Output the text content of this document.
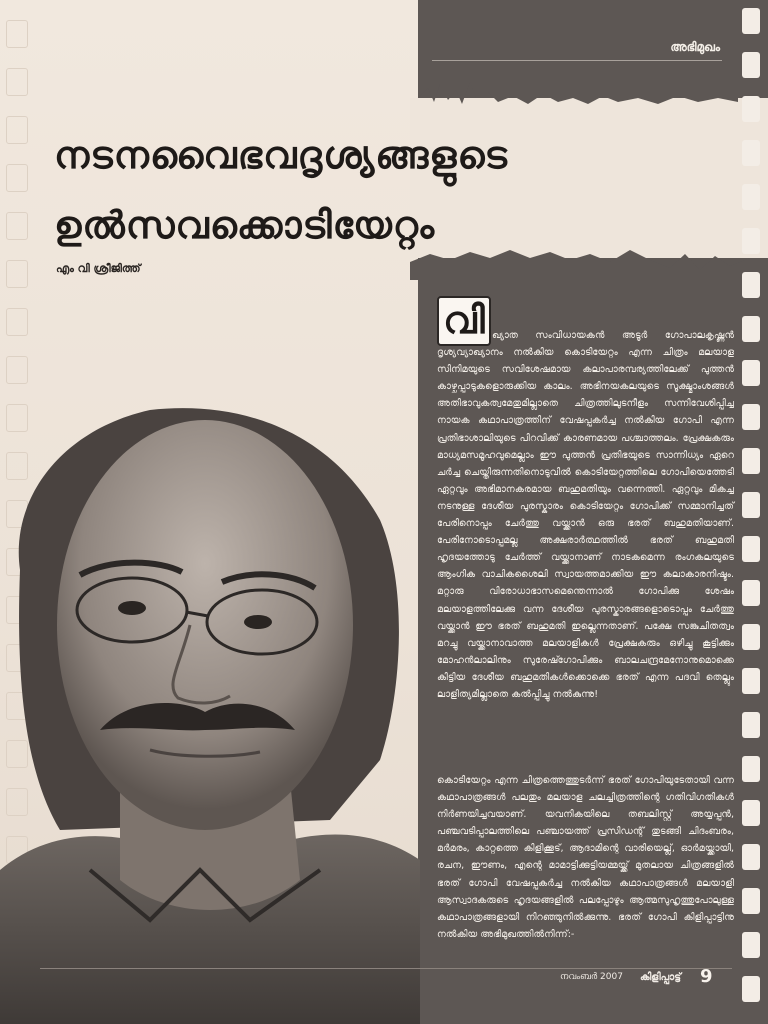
അഭിമുഖം
നടനവൈഭവദൃശ്യങ്ങളുടെ
ഉൽസവക്കൊടിയേറ്റം
എം വി ശ്രീജിത്ത്
വി ഖ്യാത സംവിധായകൻ അടൂർ ഗോപാലകൃഷ്ണൻ ദൃശ്യവ്യാഖ്യാനം നൽകിയ കൊടിയേറ്റം എന്ന ചിത്രം മലയാള സിനിമയുടെ സവിശേഷമായ കലാപാരമ്പര്യത്തിലേക്ക് പുത്തൻ കാഴ്ചപ്പാടുകളൊരുക്കിയ കാലം. അഭിനയകലയുടെ സൂക്ഷ്മാംശങ്ങൾ അതിഭാവുകത്വമേതുമില്ലാതെ ചിത്രത്തിലുടനീളം സന്നിവേശിപ്പിച്ച നായക കഥാപാത്രത്തിന് വേഷപ്പകർച്ച നൽകിയ ഗോപി എന്ന പ്രതിഭാശാലിയുടെ പിറവിക്ക് കാരണമായ പശ്ചാത്തലം. പ്രേക്ഷകരും മാധ്യമസമൂഹവുമെല്ലാം ഈ പുത്തൻ പ്രതിഭയുടെ സാന്നിധ്യം ഏറെ ചർച്ച ചെയ്തിരുന്നതിനൊടുവിൽ കൊടിയേറ്റത്തിലെ ഗോപിയെത്തേടി ഏറ്റവും അഭിമാനകരമായ ബഹുമതിയും വന്നെത്തി. ഏറ്റവും മികച്ച നടനുള്ള ദേശീയ പുരസ്കാരം കൊടിയേറ്റം ഗോപിക്ക് സമ്മാനിച്ചത് പേരിനൊപ്പം ചേർത്തു വയ്ക്കാൻ ഒരു ഭരത് ബഹുമതിയാണ്. പേരിനോടൊപ്പമല്ല അക്ഷരാർത്ഥത്തിൽ ഭരത് ബഹുമതി ഹൃദയത്തോടു ചേർത്ത് വയ്ക്കാനാണ് നാടകമെന്ന രംഗകലയുടെ ആംഗിക വാചികശൈലി സ്വായത്തമാക്കിയ ഈ കലാകാരനിഷ്ടം. മറ്റാരു വിരോധാഭാസമെന്തെന്നാൽ ഗോപിക്കു ശേഷം മലയാളത്തിലേക്കു വന്ന ദേശീയ പുരസ്കാരങ്ങളൊടൊപ്പം ചേർത്തു വയ്ക്കാൻ ഈ ഭരത് ബഹുമതി ഇല്ലെന്നതാണ്. പക്ഷേ സങ്കുചിതത്വം മറച്ചു വയ്ക്കാനാവാത്ത മലയാളികൾ പ്രേക്ഷകരും ഒഴിച്ചു കൂട്ടിക്കും മോഹൻലാലിനും സുരേഷ്ഗോപിക്കും ബാലചന്ദ്രമേനോനുമൊക്കെ കിട്ടിയ ദേശീയ ബഹുമതികൾക്കൊക്കെ ഭരത് എന്ന പദവി തെല്ലും ലാളിത്യമില്ലാതെ കൽപ്പിച്ചു നൽകുന്നു!
കൊടിയേറ്റം എന്ന ചിത്രത്തെത്തുടർന്ന് ഭരത് ഗോപിയുടേതായി വന്ന കഥാപാത്രങ്ങൾ പലതും മലയാള ചലച്ചിത്രത്തിന്റെ ഗതിവിഗതികൾ നിർണയിച്ചവയാണ്. യവനികയിലെ തബലിസ്റ്റ് അയ്യപ്പൻ, പഞ്ചവടിപ്പാലത്തിലെ പഞ്ചായത്ത് പ്രസിഡന്റ് തുടങ്ങി ചിദംബരം, മർമരം, കാറ്റത്തെ കിളിക്കൂട്, ആദാമിന്റെ വാരിയെല്ല്, ഓർമയ്ക്കായി, രചന, ഈണം, എന്റെ മാമാട്ടിക്കുട്ടിയമ്മയ്ക്ക് മുതലായ ചിത്രങ്ങളിൽ ഭരത് ഗോപി വേഷപ്പകർച്ച നൽകിയ കഥാപാത്രങ്ങൾ മലയാളി ആസ്വാദകരുടെ ഹൃദയങ്ങളിൽ പലപ്പോഴും ആത്മസുഹൃത്തുപോലുള്ള കഥാപാത്രങ്ങളായി നിറഞ്ഞുനിൽക്കുന്നു. ഭരത് ഗോപി കിളിപ്പാട്ടിനു നൽകിയ അഭിമുഖത്തിൽനിന്ന്:-
നവംബർ 2007 കിളിപ്പാട്ട് 9
